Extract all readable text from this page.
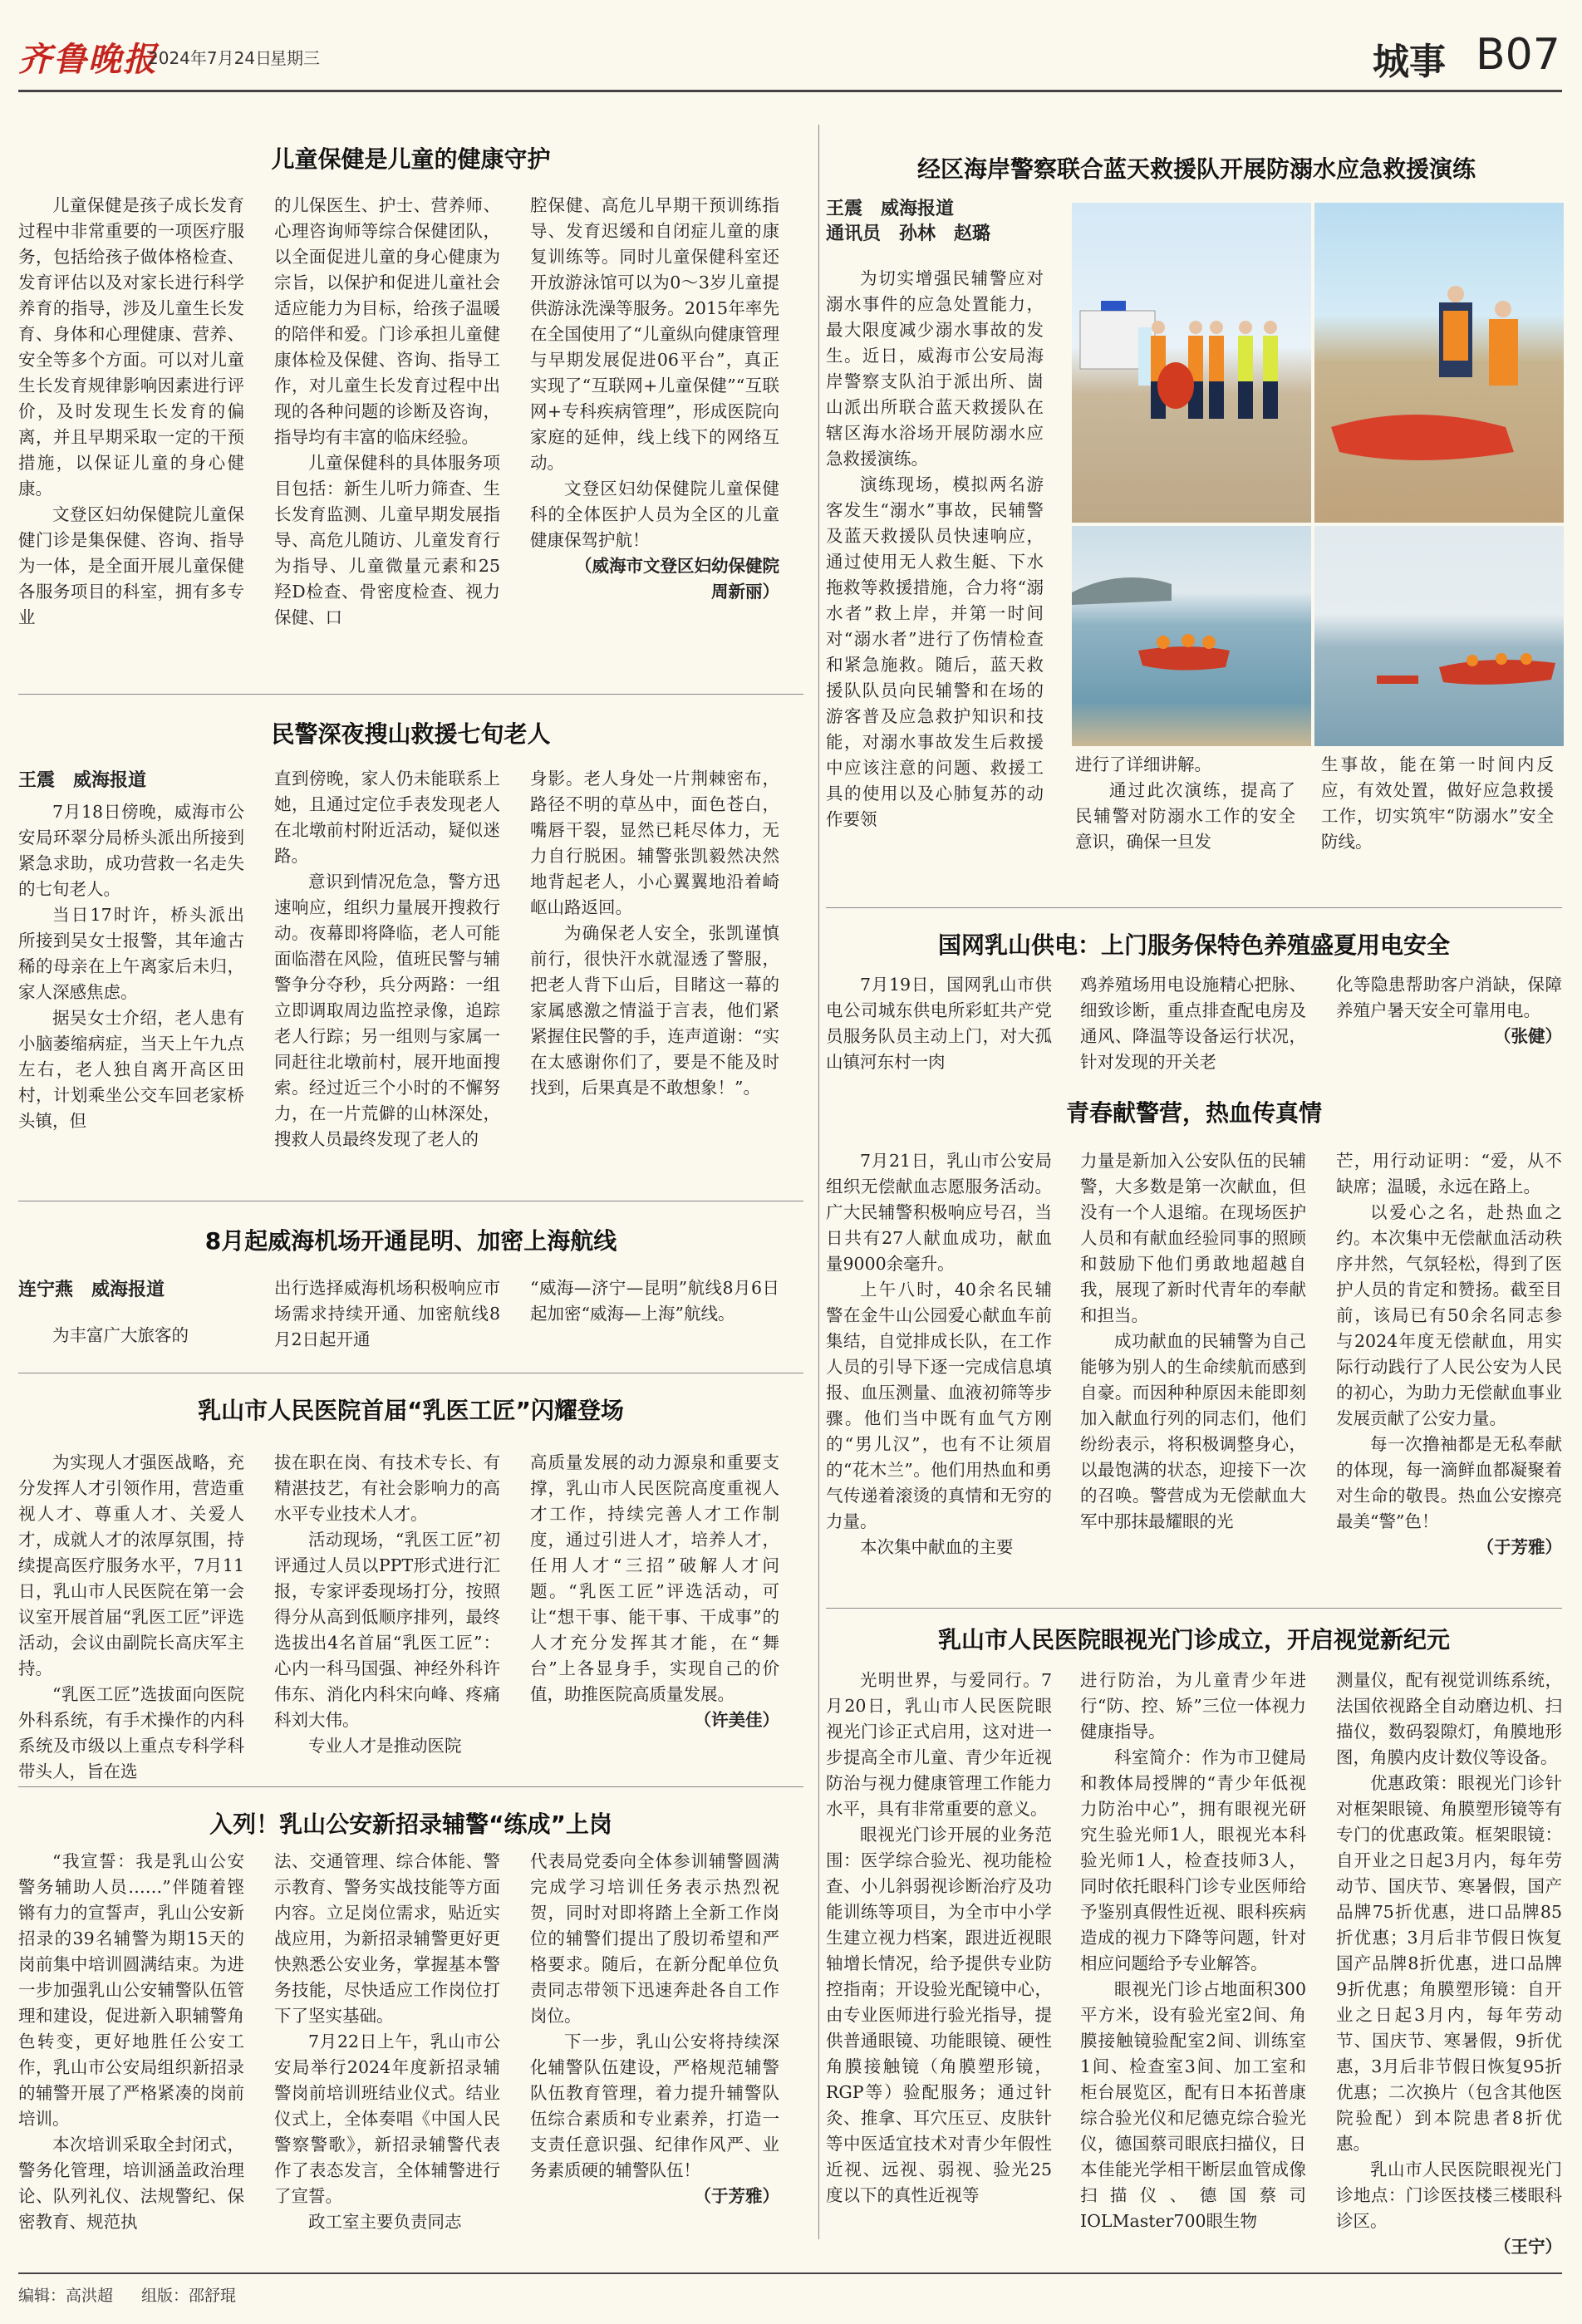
齐鲁晚报
2024年7月24日
星期三	城事 B07
儿童保健是儿童的健康守护

儿童保健是孩子成长发育过程中非常重要的一项医疗服务，包括给孩子做体格检查、发育评估以及对家长进行科学养育的指导，涉及儿童生长发育、身体和心理健康、营养、安全等多个方面。可以对儿童生长发育规律影响因素进行评价，及时发现生长发育的偏离，并且早期采取一定的干预措施，以保证儿童的身心健康。

文登区妇幼保健院儿童保健门诊是集保健、咨询、指导为一体，是全面开展儿童保健各服务项目的科室，拥有多专业

的儿保医生、护士、营养师、心理咨询师等综合保健团队，以全面促进儿童的身心健康为宗旨，以保护和促进儿童社会适应能力为目标，给孩子温暖的陪伴和爱。门诊承担儿童健康体检及保健、咨询、指导工作，对儿童生长发育过程中出现的各种问题的诊断及咨询，指导均有丰富的临床经验。

儿童保健科的具体服务项目包括：新生儿听力筛查、生长发育监测、儿童早期发展指导、高危儿随访、儿童发育行为指导、儿童微量元素和25羟D检查、骨密度检查、视力保健、口

腔保健、高危儿早期干预训练指导、发育迟缓和自闭症儿童的康复训练等。同时儿童保健科室还开放游泳馆可以为0～3岁儿童提供游泳洗澡等服务。2015年率先在全国使用了“儿童纵向健康管理与早期发展促进06平台”，真正实现了“互联网+儿童保健”“互联网+专科疾病管理”，形成医院向家庭的延伸，线上线下的网络互动。

文登区妇幼保健院儿童保健科的全体医护人员为全区的儿童健康保驾护航！

（威海市文登区妇幼保健院　周新丽）

民警深夜搜山救援七旬老人
王震　威海报道

7月18日傍晚，威海市公安局环翠分局桥头派出所接到紧急求助，成功营救一名走失的七旬老人。

当日17时许，桥头派出所接到吴女士报警，其年逾古稀的母亲在上午离家后未归，家人深感焦虑。

据吴女士介绍，老人患有小脑萎缩病症，当天上午九点左右，老人独自离开高区田村，计划乘坐公交车回老家桥头镇，但

直到傍晚，家人仍未能联系上她，且通过定位手表发现老人在北墩前村附近活动，疑似迷路。

意识到情况危急，警方迅速响应，组织力量展开搜救行动。夜幕即将降临，老人可能面临潜在风险，值班民警与辅警争分夺秒，兵分两路：一组立即调取周边监控录像，追踪老人行踪；另一组则与家属一同赶往北墩前村，展开地面搜索。经过近三个小时的不懈努力，在一片荒僻的山林深处，搜救人员最终发现了老人的

身影。老人身处一片荆棘密布，路径不明的草丛中，面色苍白，嘴唇干裂，显然已耗尽体力，无力自行脱困。辅警张凯毅然决然地背起老人，小心翼翼地沿着崎岖山路返回。

为确保老人安全，张凯谨慎前行，很快汗水就湿透了警服，把老人背下山后，目睹这一幕的家属感激之情溢于言表，他们紧紧握住民警的手，连声道谢：“实在太感谢你们了，要是不能及时找到，后果真是不敢想象！”。

8月起威海机场开通昆明、加密上海航线
连宁燕　威海报道

为丰富广大旅客的

出行选择威海机场积极响应市场需求持续开通、加密航线8月2日起开通

“威海—济宁—昆明”航线8月6日起加密“威海—上海”航线。

乳山市人民医院首届“乳医工匠”闪耀登场

为实现人才强医战略，充分发挥人才引领作用，营造重视人才、尊重人才、关爱人才，成就人才的浓厚氛围，持续提高医疗服务水平，7月11日，乳山市人民医院在第一会议室开展首届“乳医工匠”评选活动，会议由副院长高庆军主持。

“乳医工匠”选拔面向医院外科系统，有手术操作的内科系统及市级以上重点专科学科带头人，旨在选

拔在职在岗、有技术专长、有精湛技艺，有社会影响力的高水平专业技术人才。

活动现场，“乳医工匠”初评通过人员以PPT形式进行汇报，专家评委现场打分，按照得分从高到低顺序排列，最终选拔出4名首届“乳医工匠”：心内一科马国强、神经外科许伟东、消化内科宋向峰、疼痛科刘大伟。

专业人才是推动医院

高质量发展的动力源泉和重要支撑，乳山市人民医院高度重视人才工作，持续完善人才工作制度，通过引进人才，培养人才，任用人才“三招”破解人才问题。“乳医工匠”评选活动，可让“想干事、能干事、干成事”的人才充分发挥其才能，在“舞台”上各显身手，实现自己的价值，助推医院高质量发展。

（许美佳）

入列！乳山公安新招录辅警“练成”上岗

“我宣誓：我是乳山公安警务辅助人员……”伴随着铿锵有力的宣誓声，乳山公安新招录的39名辅警为期15天的岗前集中培训圆满结束。为进一步加强乳山公安辅警队伍管理和建设，促进新入职辅警角色转变，更好地胜任公安工作，乳山市公安局组织新招录的辅警开展了严格紧凑的岗前培训。

本次培训采取全封闭式，警务化管理，培训涵盖政治理论、队列礼仪、法规警纪、保密教育、规范执

法、交通管理、综合体能、警示教育、警务实战技能等方面内容。立足岗位需求，贴近实战应用，为新招录辅警更好更快熟悉公安业务，掌握基本警务技能，尽快适应工作岗位打下了坚实基础。

7月22日上午，乳山市公安局举行2024年度新招录辅警岗前培训班结业仪式。结业仪式上，全体奏唱《中国人民警察警歌》，新招录辅警代表作了表态发言，全体辅警进行了宣誓。

政工室主要负责同志

代表局党委向全体参训辅警圆满完成学习培训任务表示热烈祝贺，同时对即将踏上全新工作岗位的辅警们提出了殷切希望和严格要求。随后，在新分配单位负责同志带领下迅速奔赴各自工作岗位。

下一步，乳山公安将持续深化辅警队伍建设，严格规范辅警队伍教育管理，着力提升辅警队伍综合素质和专业素养，打造一支责任意识强、纪律作风严、业务素质硬的辅警队伍！

（于芳雅）

经区海岸警察联合蓝天救援队开展防溺水应急救援演练
王震　威海报道
通讯员　孙林　赵璐

为切实增强民辅警应对溺水事件的应急处置能力，最大限度减少溺水事故的发生。近日，威海市公安局海岸警察支队泊于派出所、崮山派出所联合蓝天救援队在辖区海水浴场开展防溺水应急救援演练。

演练现场，模拟两名游客发生“溺水”事故，民辅警及蓝天救援队员快速响应，通过使用无人救生艇、下水拖救等救援措施，合力将“溺水者”救上岸，并第一时间对“溺水者”进行了伤情检查和紧急施救。随后，蓝天救援队队员向民辅警和在场的游客普及应急救护知识和技能，对溺水事故发生后救援中应该注意的问题、救援工具的使用以及心肺复苏的动作要领

进行了详细讲解。

通过此次演练，提高了民辅警对防溺水工作的安全意识，确保一旦发

生事故，能在第一时间内反应，有效处置，做好应急救援工作，切实筑牢“防溺水”安全防线。

国网乳山供电：上门服务保特色养殖盛夏用电安全

7月19日，国网乳山市供电公司城东供电所彩虹共产党员服务队员主动上门，对大孤山镇河东村一肉

鸡养殖场用电设施精心把脉、细致诊断，重点排查配电房及通风、降温等设备运行状况，针对发现的开关老

化等隐患帮助客户消缺，保障养殖户暑天安全可靠用电。

（张健）

青春献警营，热血传真情

7月21日，乳山市公安局组织无偿献血志愿服务活动。广大民辅警积极响应号召，当日共有27人献血成功，献血量9000余毫升。

上午八时，40余名民辅警在金牛山公园爱心献血车前集结，自觉排成长队，在工作人员的引导下逐一完成信息填报、血压测量、血液初筛等步骤。他们当中既有血气方刚的“男儿汉”，也有不让须眉的“花木兰”。他们用热血和勇气传递着滚烫的真情和无穷的力量。

本次集中献血的主要

力量是新加入公安队伍的民辅警，大多数是第一次献血，但没有一个人退缩。在现场医护人员和有献血经验同事的照顾和鼓励下他们勇敢地超越自我，展现了新时代青年的奉献和担当。

成功献血的民辅警为自己能够为别人的生命续航而感到自豪。而因种种原因未能即刻加入献血行列的同志们，他们纷纷表示，将积极调整身心，以最饱满的状态，迎接下一次的召唤。警营成为无偿献血大军中那抹最耀眼的光

芒，用行动证明：“爱，从不缺席；温暖，永远在路上。

以爱心之名，赴热血之约。本次集中无偿献血活动秩序井然，气氛轻松，得到了医护人员的肯定和赞扬。截至目前，该局已有50余名同志参与2024年度无偿献血，用实际行动践行了人民公安为人民的初心，为助力无偿献血事业发展贡献了公安力量。

每一次撸袖都是无私奉献的体现，每一滴鲜血都凝聚着对生命的敬畏。热血公安擦亮最美“警”色！

（于芳雅）

乳山市人民医院眼视光门诊成立，开启视觉新纪元

光明世界，与爱同行。7月20日，乳山市人民医院眼视光门诊正式启用，这对进一步提高全市儿童、青少年近视防治与视力健康管理工作能力水平，具有非常重要的意义。

眼视光门诊开展的业务范围：医学综合验光、视功能检查、小儿斜弱视诊断治疗及功能训练等项目，为全市中小学生建立视力档案，跟进近视眼轴增长情况，给予提供专业防控指南；开设验光配镜中心，由专业医师进行验光指导，提供普通眼镜、功能眼镜、硬性角膜接触镜（角膜塑形镜，RGP等）验配服务；通过针灸、推拿、耳穴压豆、皮肤针等中医适宜技术对青少年假性近视、远视、弱视、验光25度以下的真性近视等

进行防治，为儿童青少年进行“防、控、矫”三位一体视力健康指导。

科室简介：作为市卫健局和教体局授牌的“青少年低视力防治中心”，拥有眼视光研究生验光师1人，眼视光本科验光师1人，检查技师3人，同时依托眼科门诊专业医师给予鉴别真假性近视、眼科疾病造成的视力下降等问题，针对相应问题给予专业解答。

眼视光门诊占地面积300平方米，设有验光室2间、角膜接触镜验配室2间、训练室1间、检查室3间、加工室和柜台展览区，配有日本拓普康综合验光仪和尼德克综合验光仪，德国蔡司眼底扫描仪，日本佳能光学相干断层血管成像扫描仪、德国蔡司IOLMaster700眼生物

测量仪，配有视觉训练系统，法国依视路全自动磨边机、扫描仪，数码裂隙灯，角膜地形图，角膜内皮计数仪等设备。

优惠政策：眼视光门诊针对框架眼镜、角膜塑形镜等有专门的优惠政策。框架眼镜：自开业之日起3月内，每年劳动节、国庆节、寒暑假，国产品牌75折优惠，进口品牌85折优惠；3月后非节假日恢复国产品牌8折优惠，进口品牌9折优惠；角膜塑形镜：自开业之日起3月内，每年劳动节、国庆节、寒暑假，9折优惠，3月后非节假日恢复95折优惠；二次换片（包含其他医院验配）到本院患者8折优惠。

乳山市人民医院眼视光门诊地点：门诊医技楼三楼眼科诊区。

（王宁）

编辑：高洪超 组版：邵舒琨
